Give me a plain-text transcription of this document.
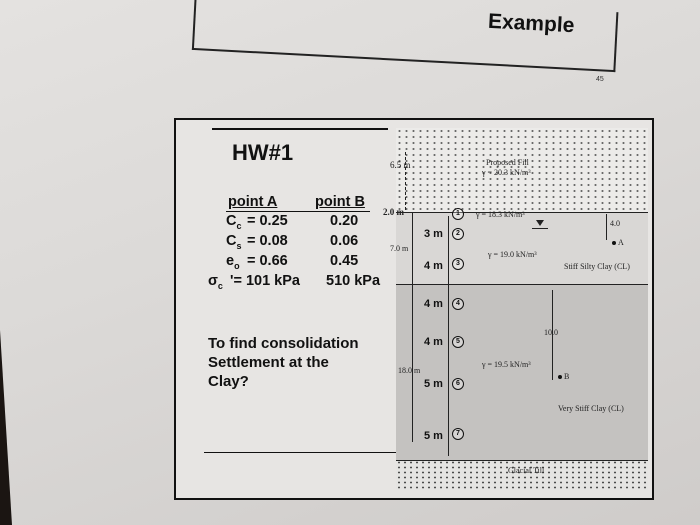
Example
45
HW#1
point A	point B
$C_c = 0.25$	0.20
$C_s = 0.08$	0.06
$e_o = 0.66$	0.45
$\sigma_c$ '= 101 kPa 510 kPa
To find consolidation
Settlement at the
Clay?
6.5 m	Proposed Fill
γ = 20.3 kN/m³
2.0 m	γ = 18.3 kN/m³
4.0
3 m
7.0 m
γ = 19.0 kN/m³
A
4 m	Stiff Silty Clay (CL)
4 m
10.0
4 m
18.0 m
γ = 19.5 kN/m³
B
5 m
Very Stiff Clay (CL)
5 m
Glacial Till
1
2
3
4
5
6
7
